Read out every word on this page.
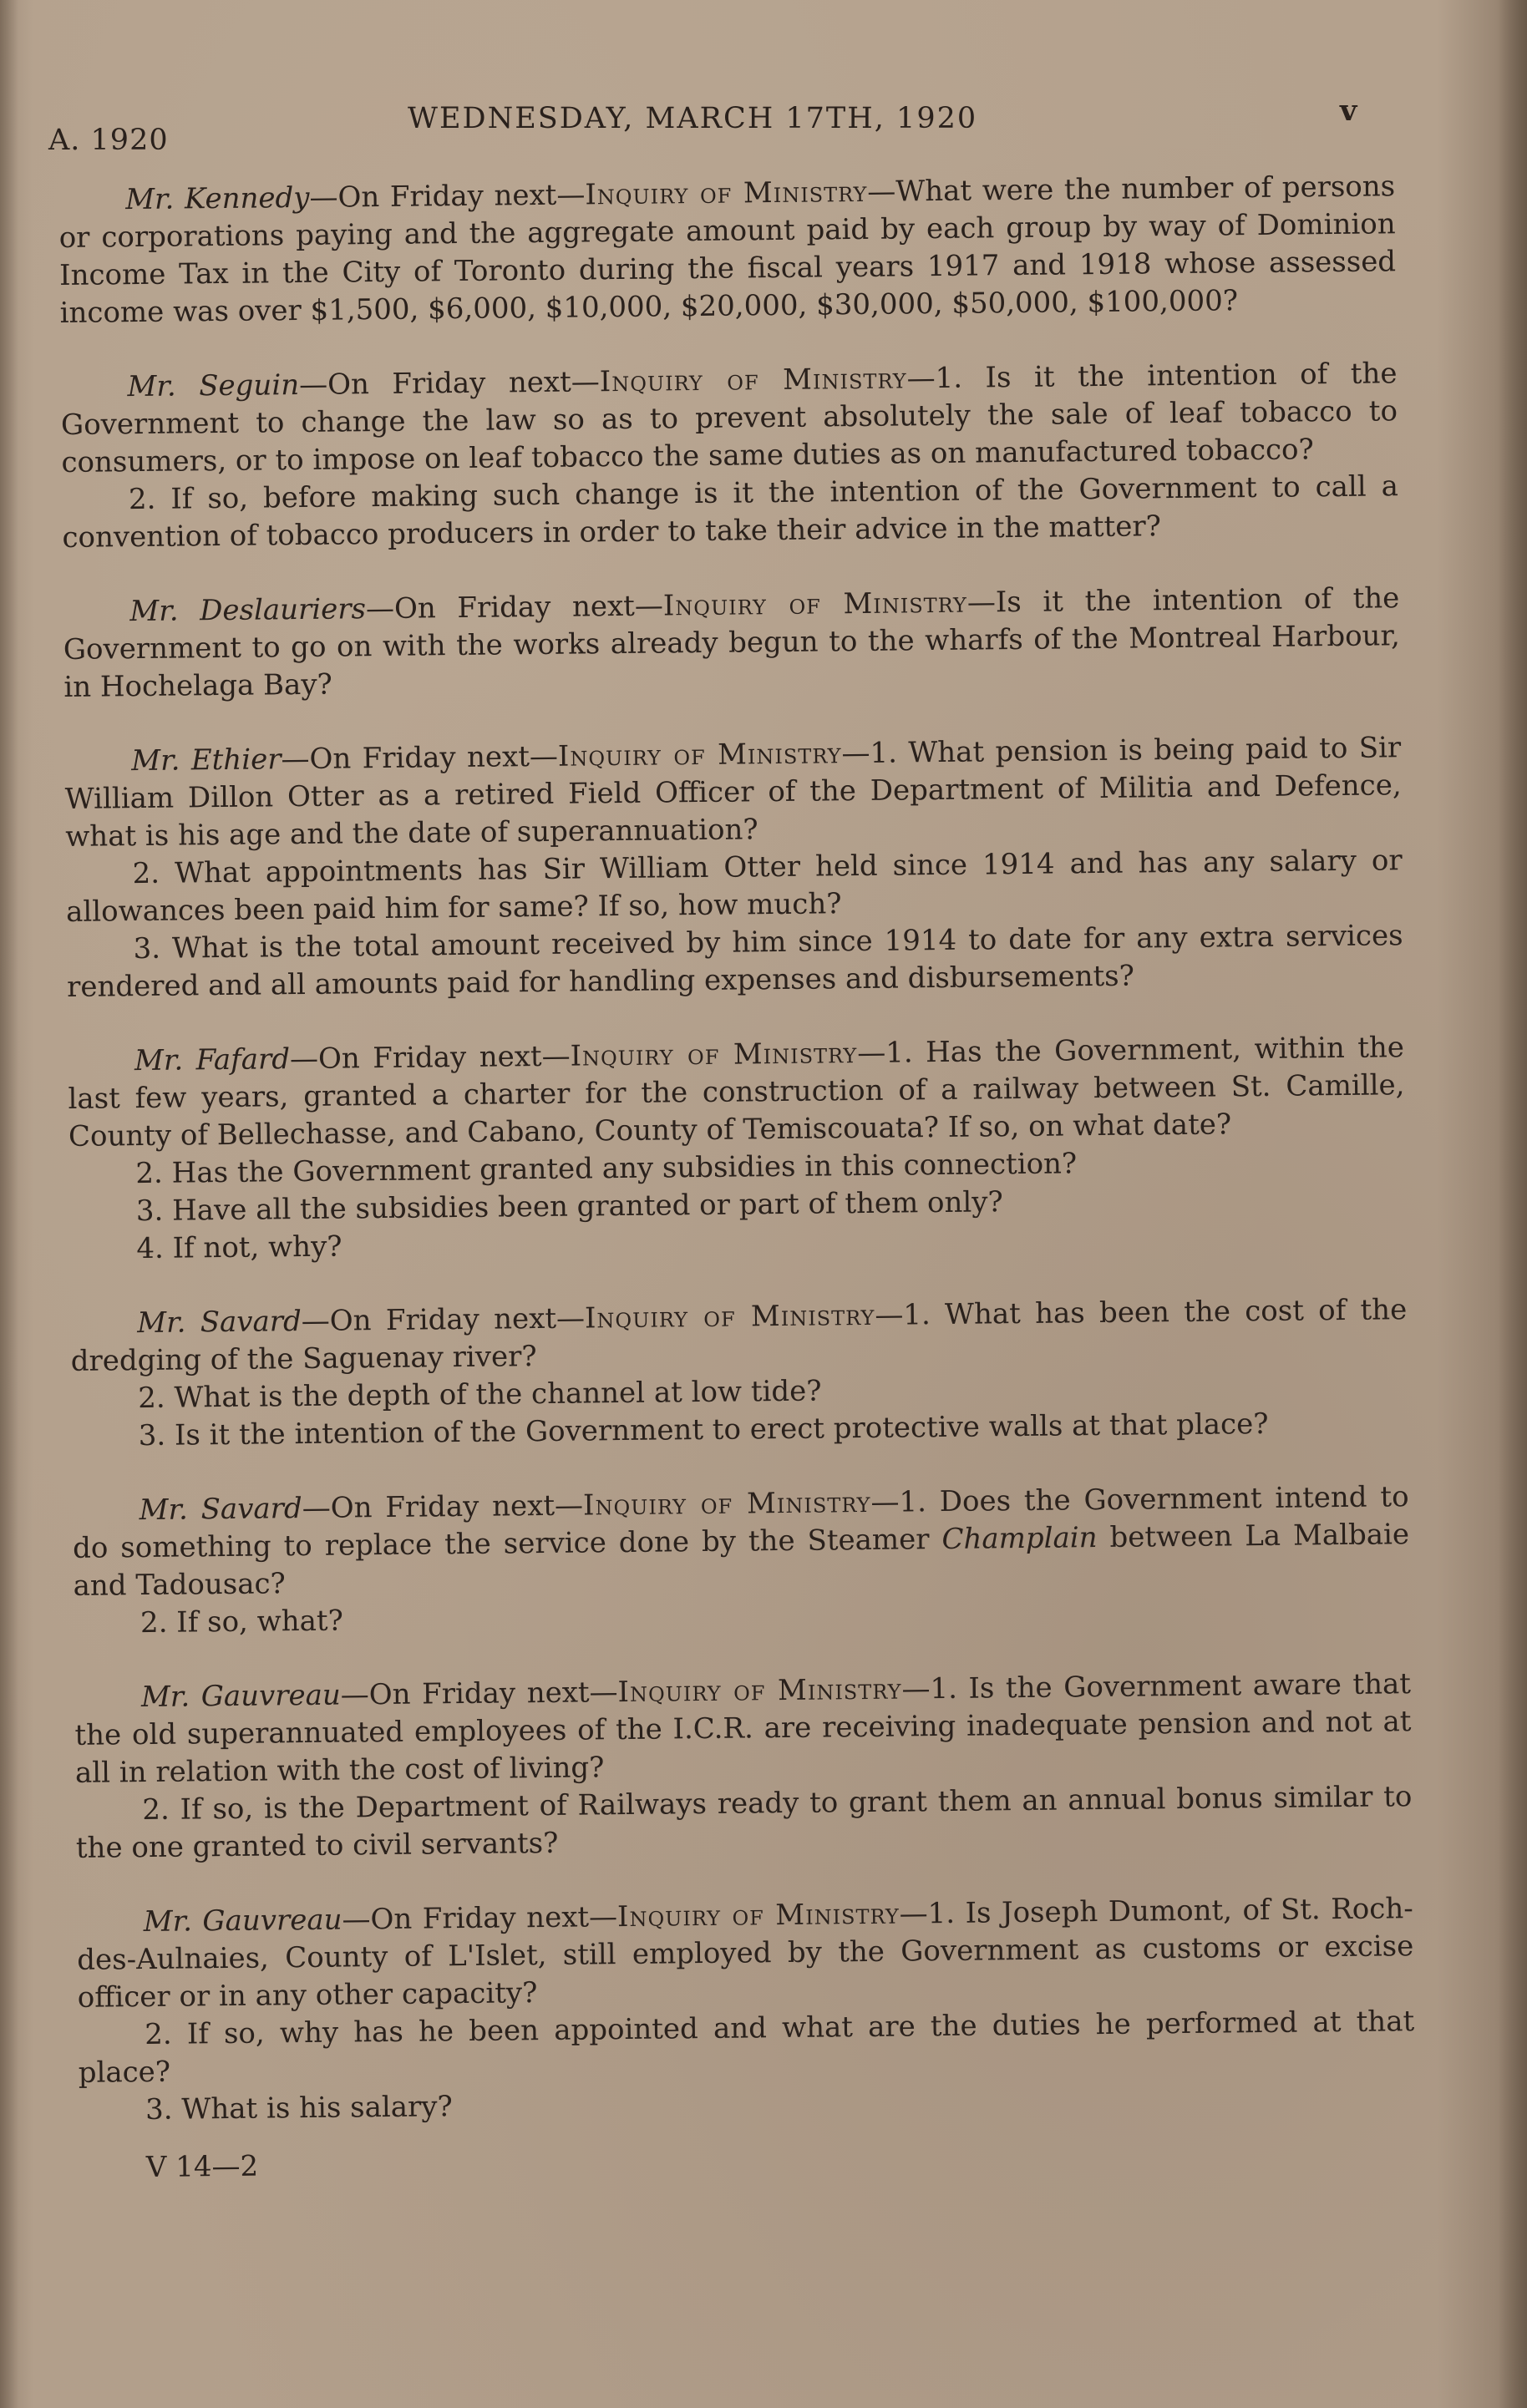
A. 1920
WEDNESDAY, MARCH 17TH, 1920	v

Mr. Kennedy—On Friday next—Inquiry of Ministry—What were the number of persons or corporations paying and the aggregate amount paid by each group by way of Dominion Income Tax in the City of Toronto during the fiscal years 1917 and 1918 whose assessed income was over $1,500, $6,000, $10,000, $20,000, $30,000, $50,000, $100,000?

Mr. Seguin—On Friday next—Inquiry of Ministry—1. Is it the intention of the Government to change the law so as to prevent absolutely the sale of leaf tobacco to consumers, or to impose on leaf tobacco the same duties as on manufactured tobacco?

2. If so, before making such change is it the intention of the Government to call a convention of tobacco producers in order to take their advice in the matter?

Mr. Deslauriers—On Friday next—Inquiry of Ministry—Is it the intention of the Government to go on with the works already begun to the wharfs of the Montreal Harbour, in Hochelaga Bay?

Mr. Ethier—On Friday next—Inquiry of Ministry—1. What pension is being paid to Sir William Dillon Otter as a retired Field Officer of the Department of Militia and Defence, what is his age and the date of superannuation?

2. What appointments has Sir William Otter held since 1914 and has any salary or allowances been paid him for same? If so, how much?

3. What is the total amount received by him since 1914 to date for any extra services rendered and all amounts paid for handling expenses and disbursements?

Mr. Fafard—On Friday next—Inquiry of Ministry—1. Has the Government, within the last few years, granted a charter for the construction of a railway between St. Camille, County of Bellechasse, and Cabano, County of Temiscouata? If so, on what date?

2. Has the Government granted any subsidies in this connection?

3. Have all the subsidies been granted or part of them only?

4. If not, why?

Mr. Savard—On Friday next—Inquiry of Ministry—1. What has been the cost of the dredging of the Saguenay river?

2. What is the depth of the channel at low tide?

3. Is it the intention of the Government to erect protective walls at that place?

Mr. Savard—On Friday next—Inquiry of Ministry—1. Does the Government intend to do something to replace the service done by the Steamer Champlain between La Malbaie and Tadousac?

2. If so, what?

Mr. Gauvreau—On Friday next—Inquiry of Ministry—1. Is the Government aware that the old superannuated employees of the I.C.R. are receiving inadequate pension and not at all in relation with the cost of living?

2. If so, is the Department of Railways ready to grant them an annual bonus similar to the one granted to civil servants?

Mr. Gauvreau—On Friday next—Inquiry of Ministry—1. Is Joseph Dumont, of St. Roch-des-Aulnaies, County of L'Islet, still employed by the Government as customs or excise officer or in any other capacity?

2. If so, why has he been appointed and what are the duties he performed at that place?

3. What is his salary?

V 14—2
